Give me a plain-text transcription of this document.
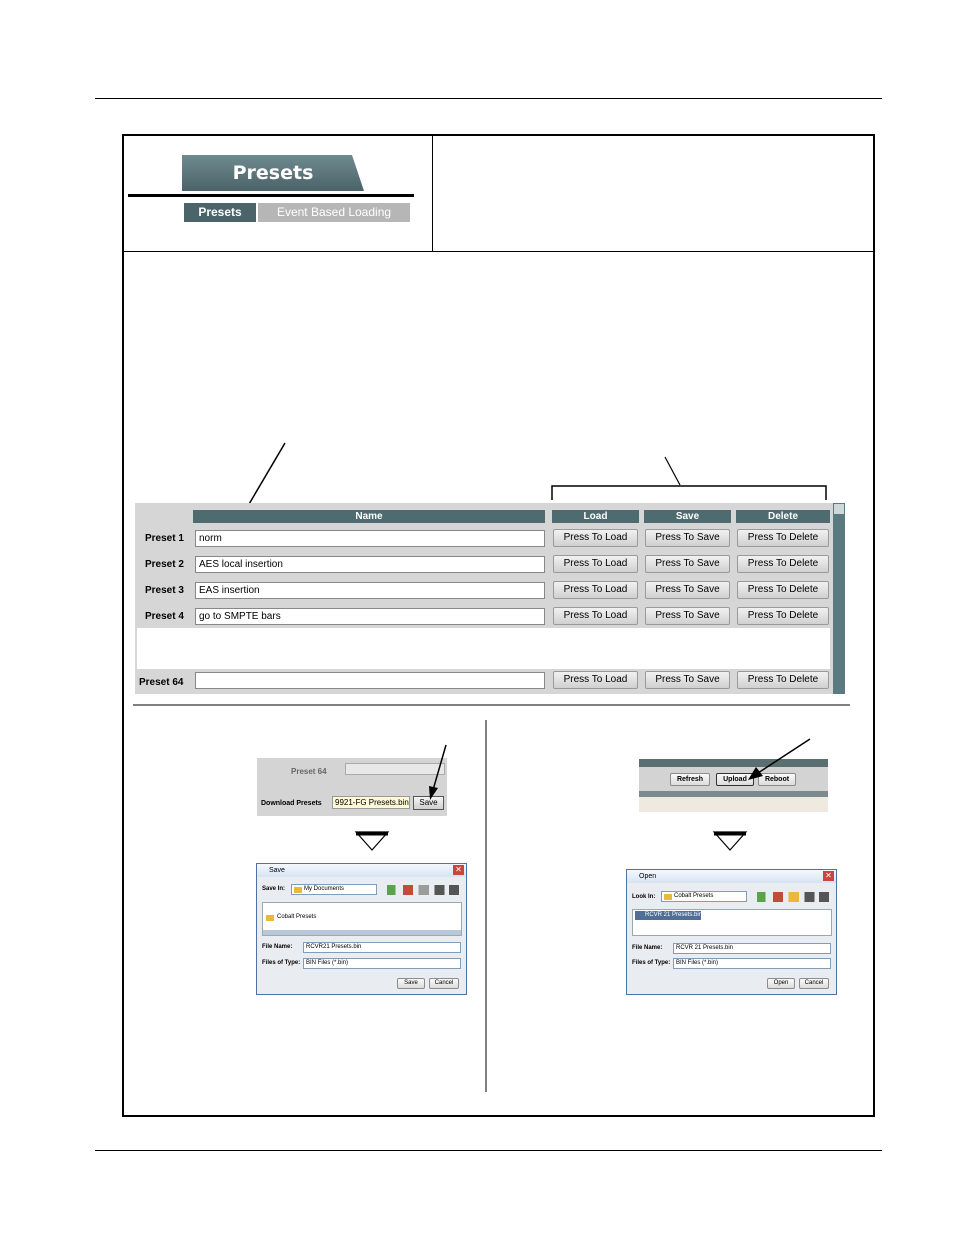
Presets
Presets	Event Based Loading
Name	Load	Save	Delete
Preset 1	norm	Press To Load	Press To Save	Press To Delete
Preset 2	AES local insertion	Press To Load	Press To Save	Press To Delete
Preset 3	EAS insertion	Press To Load	Press To Save	Press To Delete
Preset 4	go to SMPTE bars	Press To Load	Press To Save	Press To Delete
Preset 64	Press To Load	Press To Save	Press To Delete
Preset 64
Download Presets	9921-FG Presets.bin	Save
Save	✕
Save In:	My Documents
Cobalt Presets
File Name:	RCVR21 Presets.bin
Files of Type: BIN Files (*.bin)
Save	Cancel
Refresh	Upload	Reboot
Open	✕
Look In:	Cobalt Presets
RCVR 21 Presets.bin
File Name:	RCVR 21 Presets.bin
Files of Type: BIN Files (*.bin)
Open	Cancel
